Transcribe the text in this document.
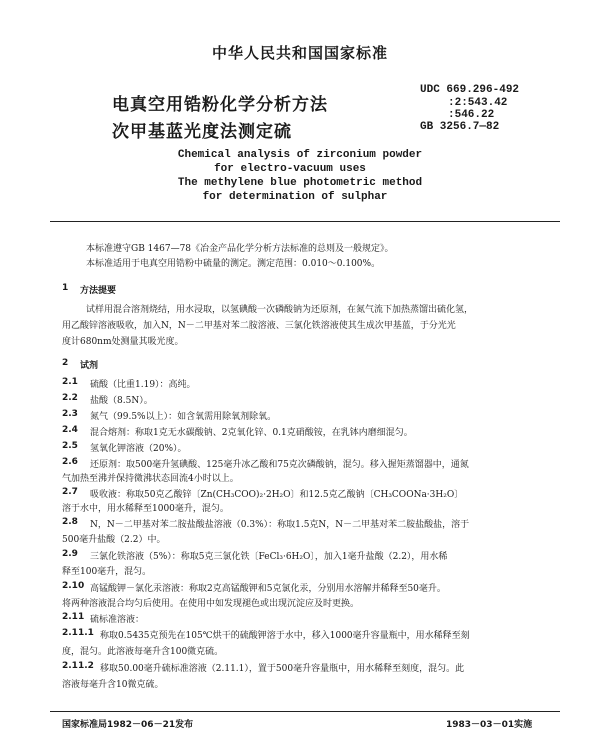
中华人民共和国国家标准
电真空用锆粉化学分析方法
次甲基蓝光度法测定硫
UDC 669.296-492
:2:543.42
:546.22
GB 3256.7—82
Chemical analysis of zirconium powder
for electro-vacuum uses
The methylene blue photometric method
for determination of sulphar
本标准遵守GB 1467—78《冶金产品化学分析方法标准的总则及一般规定》。
本标准适用于电真空用锆粉中硫量的测定。测定范围：0.010～0.100%。
1 方法提要
试样用混合溶剂烧结，用水浸取，以氢碘酸一次磷酸钠为还原剂，在氮气流下加热蒸馏出硫化氢，
用乙酸锌溶液吸收，加入N，N－二甲基对苯二胺溶液、三氯化铁溶液使其生成次甲基蓝，于分光光
度计680nm处测量其吸光度。
2 试剂
2.1 硫酸（比重1.19）：高纯。
2.2 盐酸（8.5N）。
2.3 氮气（99.5%以上）：如含氧需用除氧剂除氧。
2.4 混合熔剂：称取1克无水碳酸钠、2克氧化锌、0.1克硝酸铵，在乳钵内磨细混匀。
2.5 氢氧化钾溶液（20%）。
2.6 还原剂：取500毫升氢碘酸、125毫升冰乙酸和75克次磷酸钠，混匀。移入握矩蒸馏器中，通氮
气加热至沸并保持微沸状态回流4小时以上。
2.7 吸收液：称取50克乙酸锌〔Zn(CH₃COO)₂·2H₂O〕和12.5克乙酸钠〔CH₃COONa·3H₂O〕
溶于水中，用水稀释至1000毫升，混匀。
2.8 N，N－二甲基对苯二胺盐酸盐溶液（0.3%）：称取1.5克N，N－二甲基对苯二胺盐酸盐，溶于
500毫升盐酸（2.2）中。
2.9 三氯化铁溶液（5%）：称取5克三氯化铁〔FeCl₃·6H₂O〕，加入1毫升盐酸（2.2），用水稀
释至100毫升，混匀。
2.10 高锰酸钾－氯化汞溶液：称取2克高锰酸钾和5克氯化汞，分别用水溶解并稀释至50毫升。
将两种溶液混合均匀后使用。在使用中如发现褪色或出现沉淀应及时更换。
2.11 硫标准溶液：
2.11.1 称取0.5435克预先在105℃烘干的硫酸钾溶于水中，移入1000毫升容量瓶中，用水稀释至刻
度，混匀。此溶液每毫升含100微克硫。
2.11.2 移取50.00毫升硫标准溶液（2.11.1），置于500毫升容量瓶中，用水稀释至刻度，混匀。此
溶液每毫升含10微克硫。
国家标准局1982－06－21发布	1983－03－01实施
